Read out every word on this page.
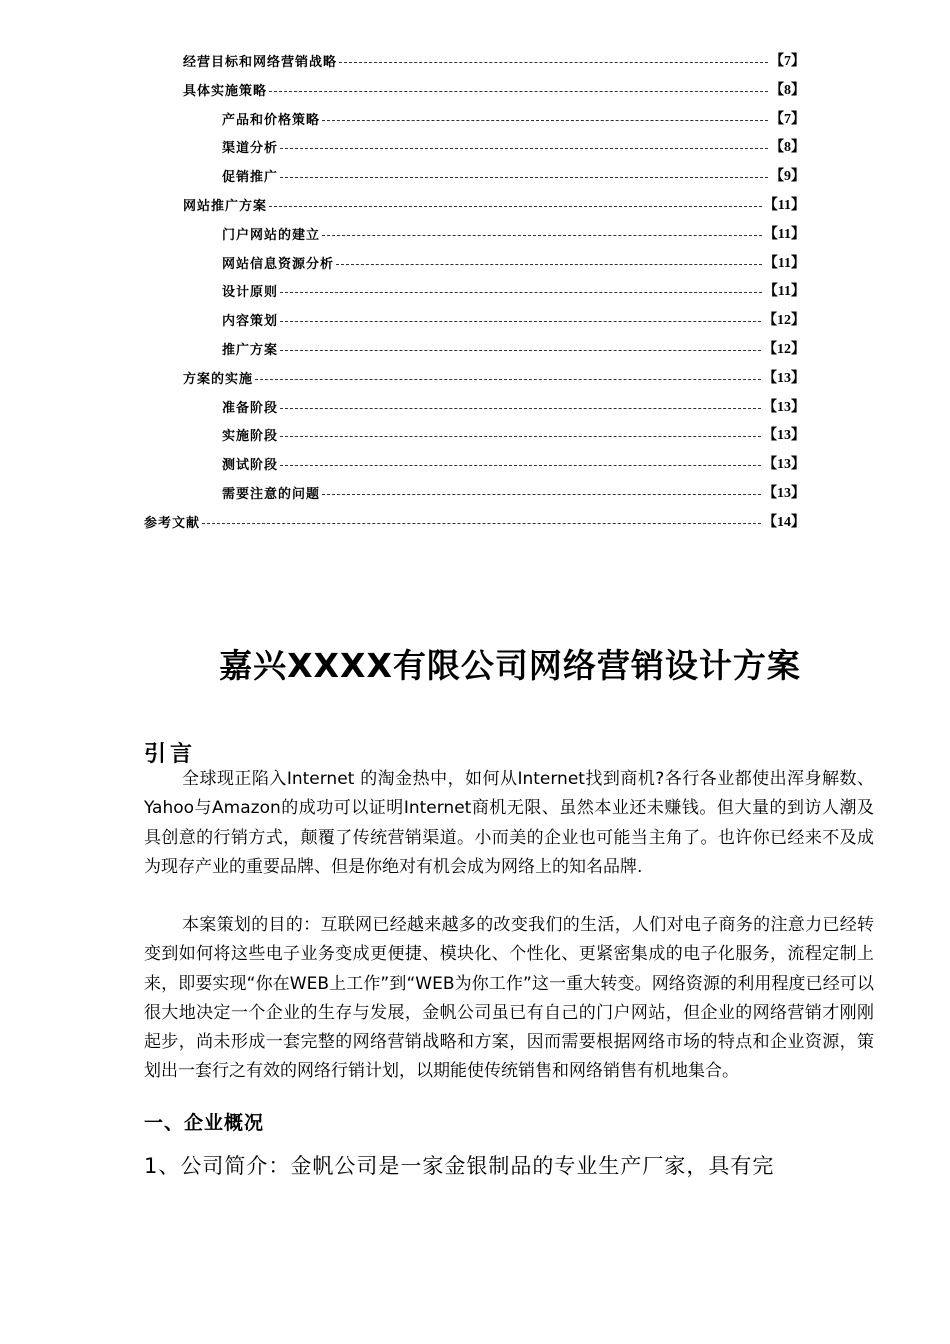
经营目标和网络营销战略	【7】
具体实施策略	【8】
产品和价格策略	【7】
渠道分析	【8】
促销推广	【9】
网站推广方案	【11】
门户网站的建立	【11】
网站信息资源分析	【11】
设计原则	【11】
内容策划	【12】
推广方案	【12】
方案的实施	【13】
准备阶段	【13】
实施阶段	【13】
测试阶段	【13】
需要注意的问题	【13】
参考文献	【14】
嘉兴XXXX有限公司网络营销设计方案
引言

全球现正陷入Internet 的淘金热中，如何从Internet找到商机?各行各业都使出浑身解数、Yahoo与Amazon的成功可以证明Internet商机无限、虽然本业还未赚钱。但大量的到访人潮及具创意的行销方式，颠覆了传统营销渠道。小而美的企业也可能当主角了。也许你已经来不及成为现存产业的重要品牌、但是你绝对有机会成为网络上的知名品牌.

本案策划的目的：互联网已经越来越多的改变我们的生活，人们对电子商务的注意力已经转变到如何将这些电子业务变成更便捷、模块化、个性化、更紧密集成的电子化服务，流程定制上来，即要实现“你在WEB上工作”到“WEB为你工作”这一重大转变。网络资源的利用程度已经可以很大地决定一个企业的生存与发展，金帆公司虽已有自己的门户网站，但企业的网络营销才刚刚起步，尚未形成一套完整的网络营销战略和方案，因而需要根据网络市场的特点和企业资源，策划出一套行之有效的网络行销计划，以期能使传统销售和网络销售有机地集合。

一、企业概况
1、公司简介：金帆公司是一家金银制品的专业生产厂家，具有完
